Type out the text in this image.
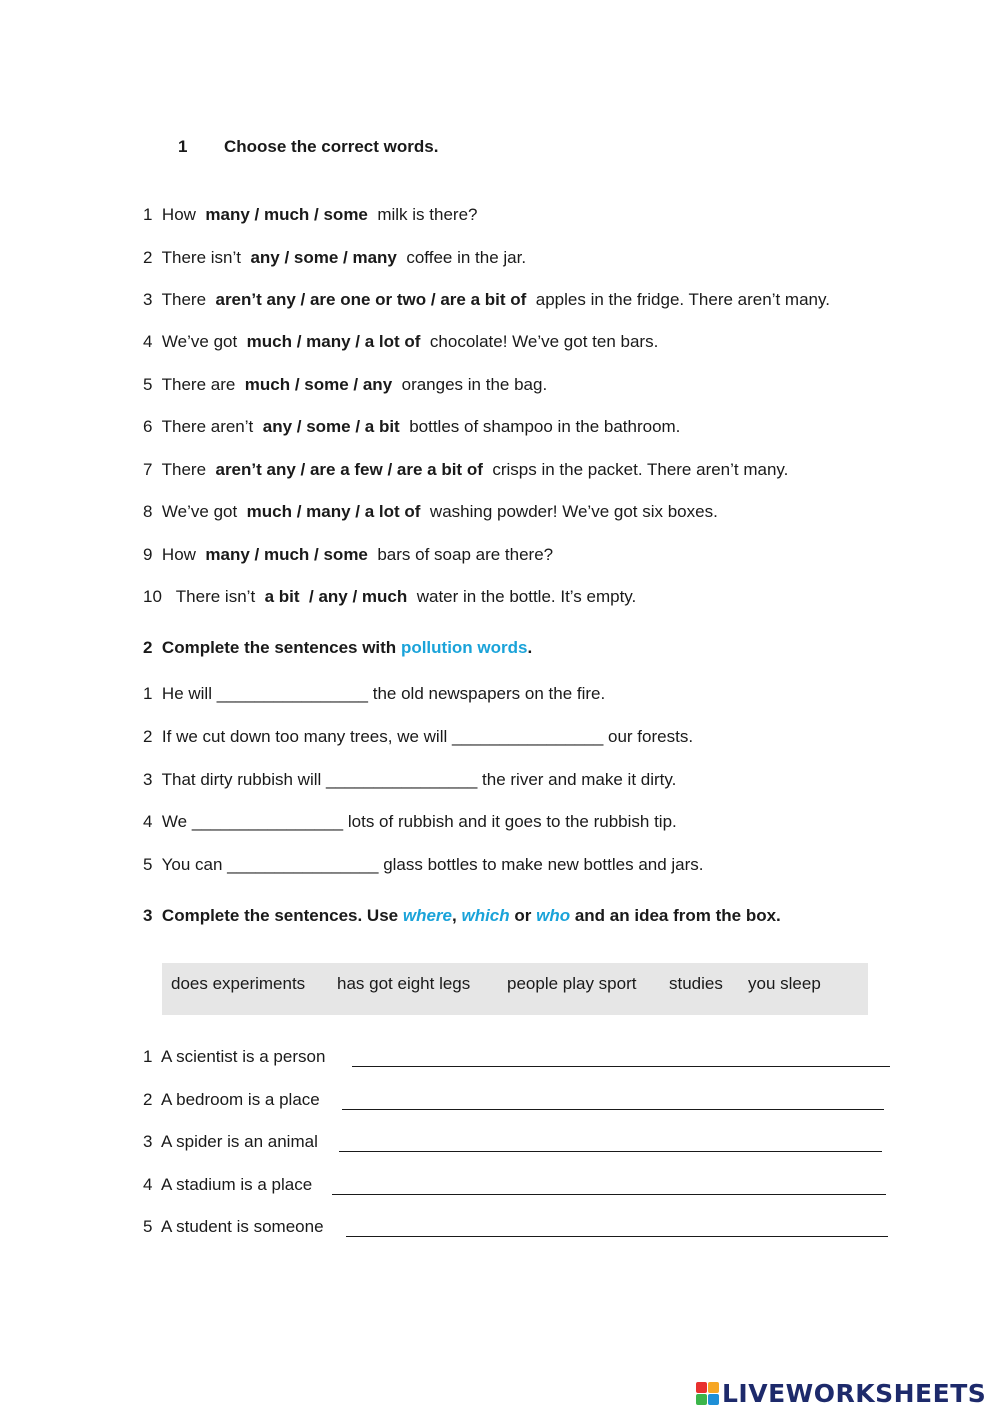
1 Choose the correct words.
1 How many / much / some milk is there?
2 There isn’t any / some / many coffee in the jar.
3 There aren’t any / are one or two / are a bit of apples in the fridge. There aren’t many.
4 We’ve got much / many / a lot of chocolate! We’ve got ten bars.
5 There are much / some / any oranges in the bag.
6 There aren’t any / some / a bit bottles of shampoo in the bathroom.
7 There aren’t any / are a few / are a bit of crisps in the packet. There aren’t many.
8 We’ve got much / many / a lot of washing powder! We’ve got six boxes.
9 How many / much / some bars of soap are there?
10 There isn’t a bit  / any / much water in the bottle. It’s empty.
2 Complete the sentences with pollution words.
1 He will ________________ the old newspapers on the fire.
2 If we cut down too many trees, we will ________________ our forests.
3 That dirty rubbish will ________________ the river and make it dirty.
4 We ________________ lots of rubbish and it goes to the rubbish tip.
5 You can ________________ glass bottles to make new bottles and jars.
3 Complete the sentences. Use where, which or who and an idea from the box.
does experiments has got eight legs people play sport studies you sleep
1 A scientist is a person
2 A bedroom is a place
3 A spider is an animal
4 A stadium is a place
5 A student is someone
LIVEWORKSHEETS
